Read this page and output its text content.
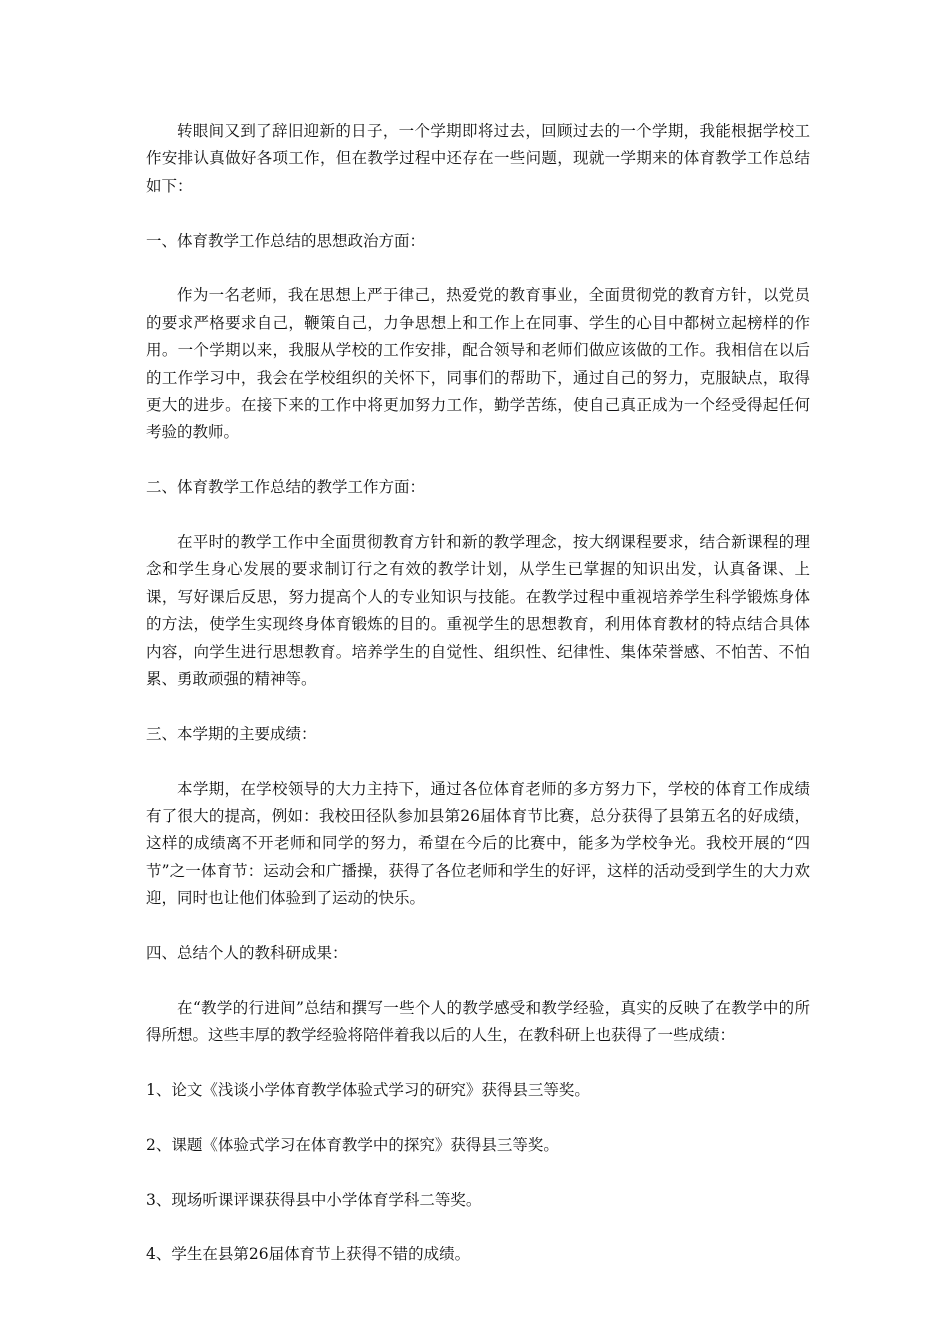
转眼间又到了辞旧迎新的日子，一个学期即将过去，回顾过去的一个学期，我能根据学校工作安排认真做好各项工作，但在教学过程中还存在一些问题，现就一学期来的体育教学工作总结如下：

一、体育教学工作总结的思想政治方面：

作为一名老师，我在思想上严于律己，热爱党的教育事业，全面贯彻党的教育方针，以党员的要求严格要求自己，鞭策自己，力争思想上和工作上在同事、学生的心目中都树立起榜样的作用。一个学期以来，我服从学校的工作安排，配合领导和老师们做应该做的工作。我相信在以后的工作学习中，我会在学校组织的关怀下，同事们的帮助下，通过自己的努力，克服缺点，取得更大的进步。在接下来的工作中将更加努力工作，勤学苦练，使自己真正成为一个经受得起任何考验的教师。

二、体育教学工作总结的教学工作方面：

在平时的教学工作中全面贯彻教育方针和新的教学理念，按大纲课程要求，结合新课程的理念和学生身心发展的要求制订行之有效的教学计划，从学生已掌握的知识出发，认真备课、上课，写好课后反思，努力提高个人的专业知识与技能。在教学过程中重视培养学生科学锻炼身体的方法，使学生实现终身体育锻炼的目的。重视学生的思想教育，利用体育教材的特点结合具体内容，向学生进行思想教育。培养学生的自觉性、组织性、纪律性、集体荣誉感、不怕苦、不怕累、勇敢顽强的精神等。

三、本学期的主要成绩：

本学期，在学校领导的大力主持下，通过各位体育老师的多方努力下，学校的体育工作成绩有了很大的提高，例如：我校田径队参加县第26届体育节比赛，总分获得了县第五名的好成绩，这样的成绩离不开老师和同学的努力，希望在今后的比赛中，能多为学校争光。我校开展的“四节”之一体育节：运动会和广播操，获得了各位老师和学生的好评，这样的活动受到学生的大力欢迎，同时也让他们体验到了运动的快乐。

四、总结个人的教科研成果：

在“教学的行进间”总结和撰写一些个人的教学感受和教学经验，真实的反映了在教学中的所得所想。这些丰厚的教学经验将陪伴着我以后的人生，在教科研上也获得了一些成绩：

1、论文《浅谈小学体育教学体验式学习的研究》获得县三等奖。

2、课题《体验式学习在体育教学中的探究》获得县三等奖。

3、现场听课评课获得县中小学体育学科二等奖。

4、学生在县第26届体育节上获得不错的成绩。
